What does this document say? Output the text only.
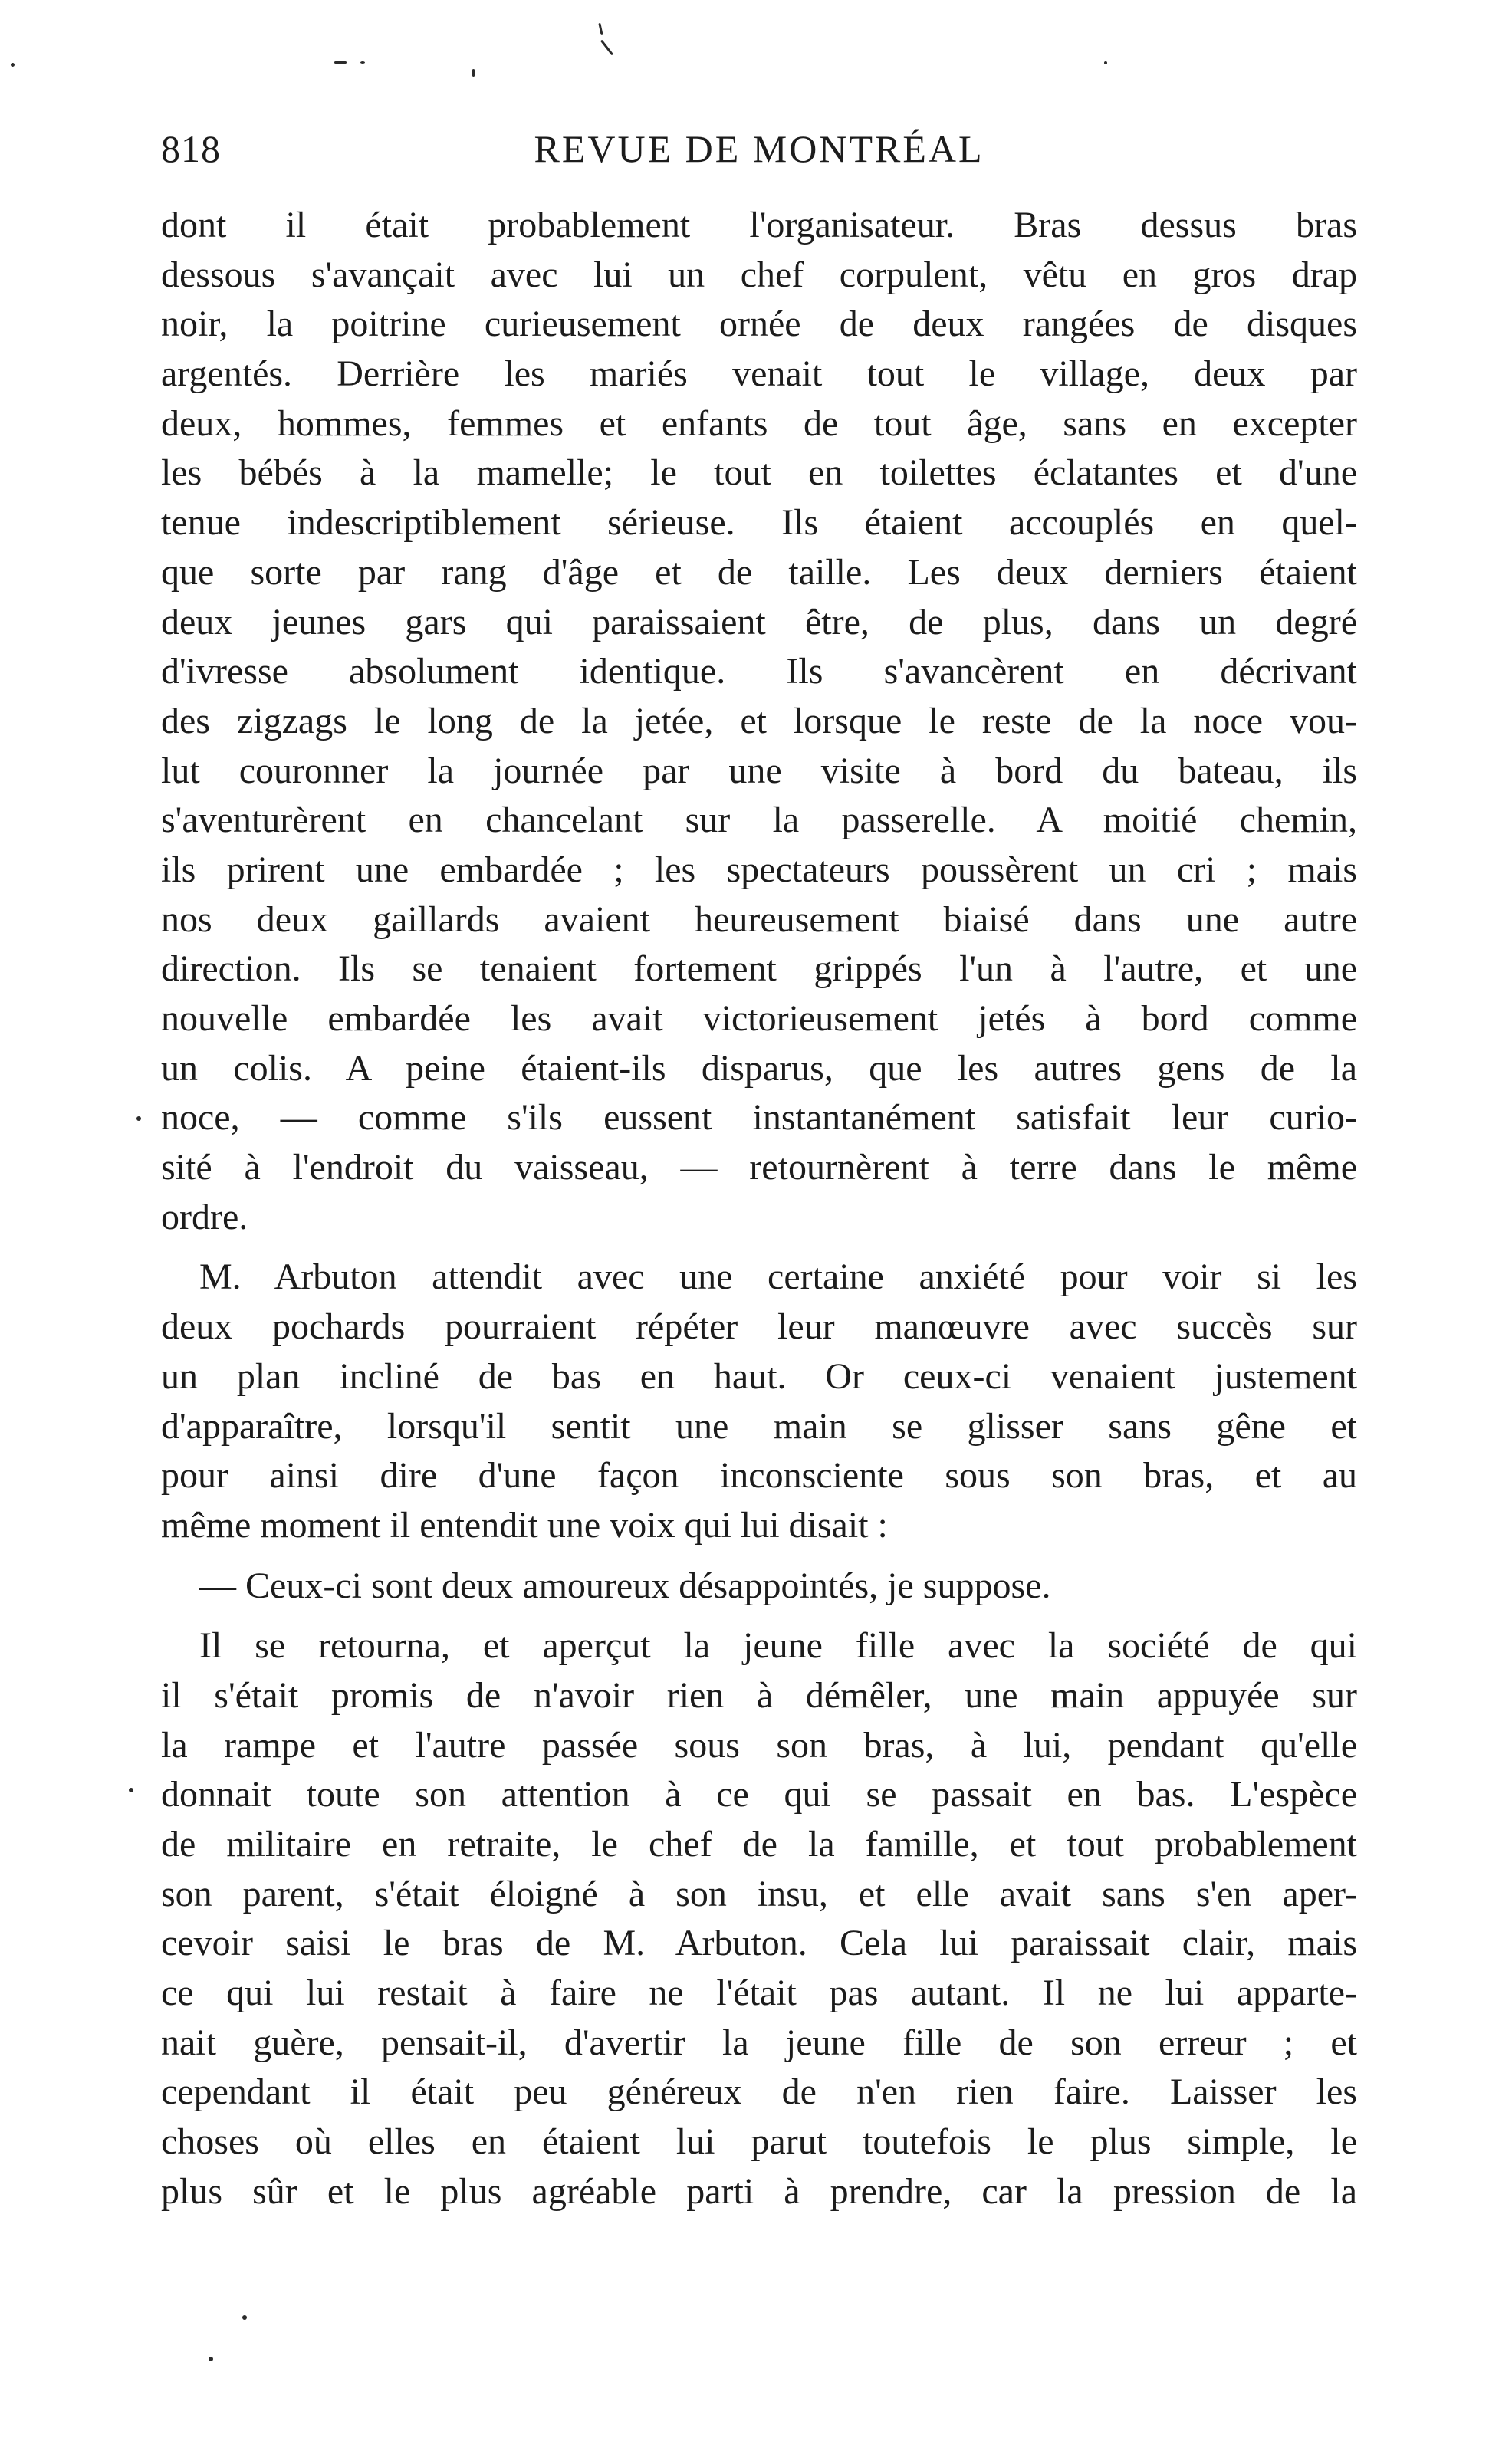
818	REVUE DE MONTRÉAL
dont il était probablement l'organisateur. Bras dessus bras
dessous s'avançait avec lui un chef corpulent, vêtu en gros drap
noir, la poitrine curieusement ornée de deux rangées de disques
argentés. Derrière les mariés venait tout le village, deux par
deux, hommes, femmes et enfants de tout âge, sans en excepter
les bébés à la mamelle; le tout en toilettes éclatantes et d'une
tenue indescriptiblement sérieuse. Ils étaient accouplés en quel-
que sorte par rang d'âge et de taille. Les deux derniers étaient
deux jeunes gars qui paraissaient être, de plus, dans un degré
d'ivresse absolument identique. Ils s'avancèrent en décrivant
des zigzags le long de la jetée, et lorsque le reste de la noce vou-
lut couronner la journée par une visite à bord du bateau, ils
s'aventurèrent en chancelant sur la passerelle. A moitié chemin,
ils prirent une embardée ; les spectateurs poussèrent un cri ; mais
nos deux gaillards avaient heureusement biaisé dans une autre
direction. Ils se tenaient fortement grippés l'un à l'autre, et une
nouvelle embardée les avait victorieusement jetés à bord comme
un colis. A peine étaient-ils disparus, que les autres gens de la
noce, — comme s'ils eussent instantanément satisfait leur curio-
sité à l'endroit du vaisseau, — retournèrent à terre dans le même
ordre.
M. Arbuton attendit avec une certaine anxiété pour voir si les
deux pochards pourraient répéter leur manœuvre avec succès sur
un plan incliné de bas en haut. Or ceux-ci venaient justement
d'apparaître, lorsqu'il sentit une main se glisser sans gêne et
pour ainsi dire d'une façon inconsciente sous son bras, et au
même moment il entendit une voix qui lui disait :
— Ceux-ci sont deux amoureux désappointés, je suppose.
Il se retourna, et aperçut la jeune fille avec la société de qui
il s'était promis de n'avoir rien à démêler, une main appuyée sur
la rampe et l'autre passée sous son bras, à lui, pendant qu'elle
donnait toute son attention à ce qui se passait en bas. L'espèce
de militaire en retraite, le chef de la famille, et tout probablement
son parent, s'était éloigné à son insu, et elle avait sans s'en aper-
cevoir saisi le bras de M. Arbuton. Cela lui paraissait clair, mais
ce qui lui restait à faire ne l'était pas autant. Il ne lui apparte-
nait guère, pensait-il, d'avertir la jeune fille de son erreur ; et
cependant il était peu généreux de n'en rien faire. Laisser les
choses où elles en étaient lui parut toutefois le plus simple, le
plus sûr et le plus agréable parti à prendre, car la pression de la
